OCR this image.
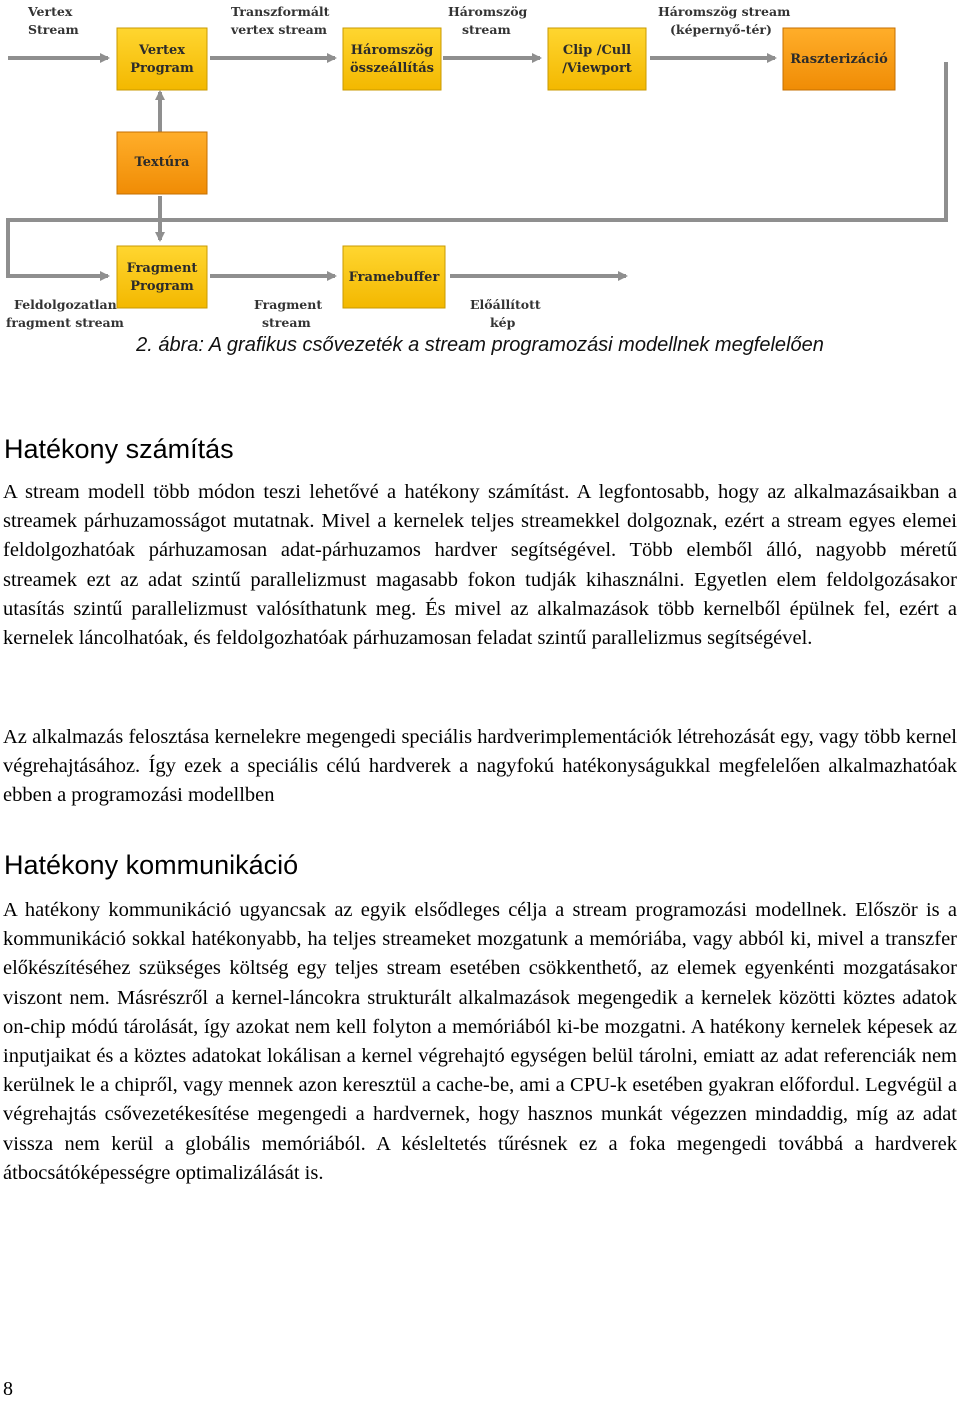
Vertex
Program
Háromszög
összeállítás
Clip /Cull
/Viewport
Raszterizáció
Textúra
Fragment
Program
Framebuffer
Vertex
Stream
Transzformált
vertex stream
Háromszög
stream
Háromszög stream
(képernyő-tér)
Feldolgozatlan
fragment stream
Fragment
stream
Előállított
kép
2. ábra: A grafikus csővezeték a stream programozási modellnek megfelelően
Hatékony számítás

A stream modell több módon teszi lehetővé a hatékony számítást. A legfontosabb, hogy az alkalmazásaikban a streamek párhuzamosságot mutatnak. Mivel a kernelek teljes streamekkel dolgoznak, ezért a stream egyes elemei feldolgozhatóak párhuzamosan adat-párhuzamos hardver segítségével. Több elemből álló, nagyobb méretű streamek ezt az adat szintű parallelizmust magasabb fokon tudják kihasználni. Egyetlen elem feldolgozásakor utasítás szintű parallelizmust valósíthatunk meg. És mivel az alkalmazások több kernelből épülnek fel, ezért a kernelek láncolhatóak, és feldolgozhatóak párhuzamosan feladat szintű parallelizmus segítségével.

Az alkalmazás felosztása kernelekre megengedi speciális hardverimplementációk létrehozását egy, vagy több kernel végrehajtásához. Így ezek a speciális célú hardverek a nagyfokú hatékonyságukkal megfelelően alkalmazhatóak ebben a programozási modellben

Hatékony kommunikáció

A hatékony kommunikáció ugyancsak az egyik elsődleges célja a stream programozási modellnek. Először is a kommunikáció sokkal hatékonyabb, ha teljes streameket mozgatunk a memóriába, vagy abból ki, mivel a transzfer előkészítéséhez szükséges költség egy teljes stream esetében csökkenthető, az elemek egyenkénti mozgatásakor viszont nem. Másrészről a kernel-láncokra strukturált alkalmazások megengedik a kernelek közötti köztes adatok on-chip módú tárolását, így azokat nem kell folyton a memóriából ki-be mozgatni. A hatékony kernelek képesek az inputjaikat és a köztes adatokat lokálisan a kernel végrehajtó egységen belül tárolni, emiatt az adat referenciák nem kerülnek le a chipről, vagy mennek azon keresztül a cache-be, ami a CPU-k esetében gyakran előfordul. Legvégül a végrehajtás csővezetékesítése megengedi a hardvernek, hogy hasznos munkát végezzen mindaddig, míg az adat vissza nem kerül a globális memóriából. A késleltetés tűrésnek ez a foka megengedi továbbá a hardverek átbocsátóképességre optimalizálását is.

8
